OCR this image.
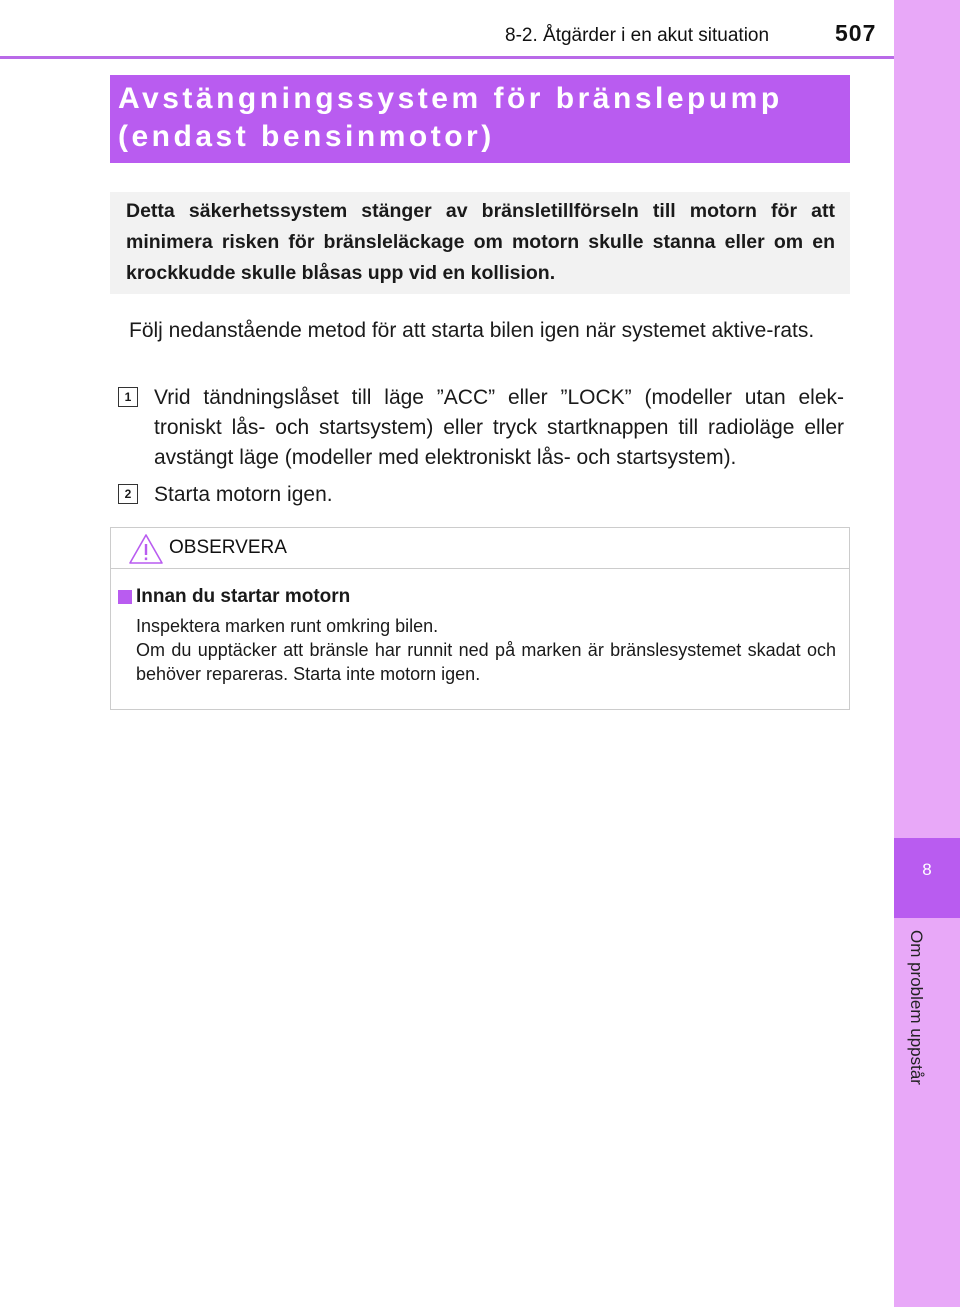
8
Om problem uppstår
8-2. Åtgärder i en akut situation	507

Avstängningssystem för bränslepump

(endast bensinmotor)

Detta säkerhetssystem stänger av bränsletillförseln till motorn för att minimera risken för bränsleläckage om motorn skulle stanna eller om en krockkudde skulle blåsas upp vid en kollision.

Följ nedanstående metod för att starta bilen igen när systemet aktive-rats.

1	Vrid tändningslåset till läge ”ACC” eller ”LOCK” (modeller utan elek-troniskt lås- och startsystem) eller tryck startknappen till radioläge eller avstängt läge (modeller med elektroniskt lås- och startsystem).

2	Starta motorn igen.

OBSERVERA

Innan du startar motorn

Inspektera marken runt omkring bilen.
Om du upptäcker att bränsle har runnit ned på marken är bränslesystemet skadat och behöver repareras. Starta inte motorn igen.
